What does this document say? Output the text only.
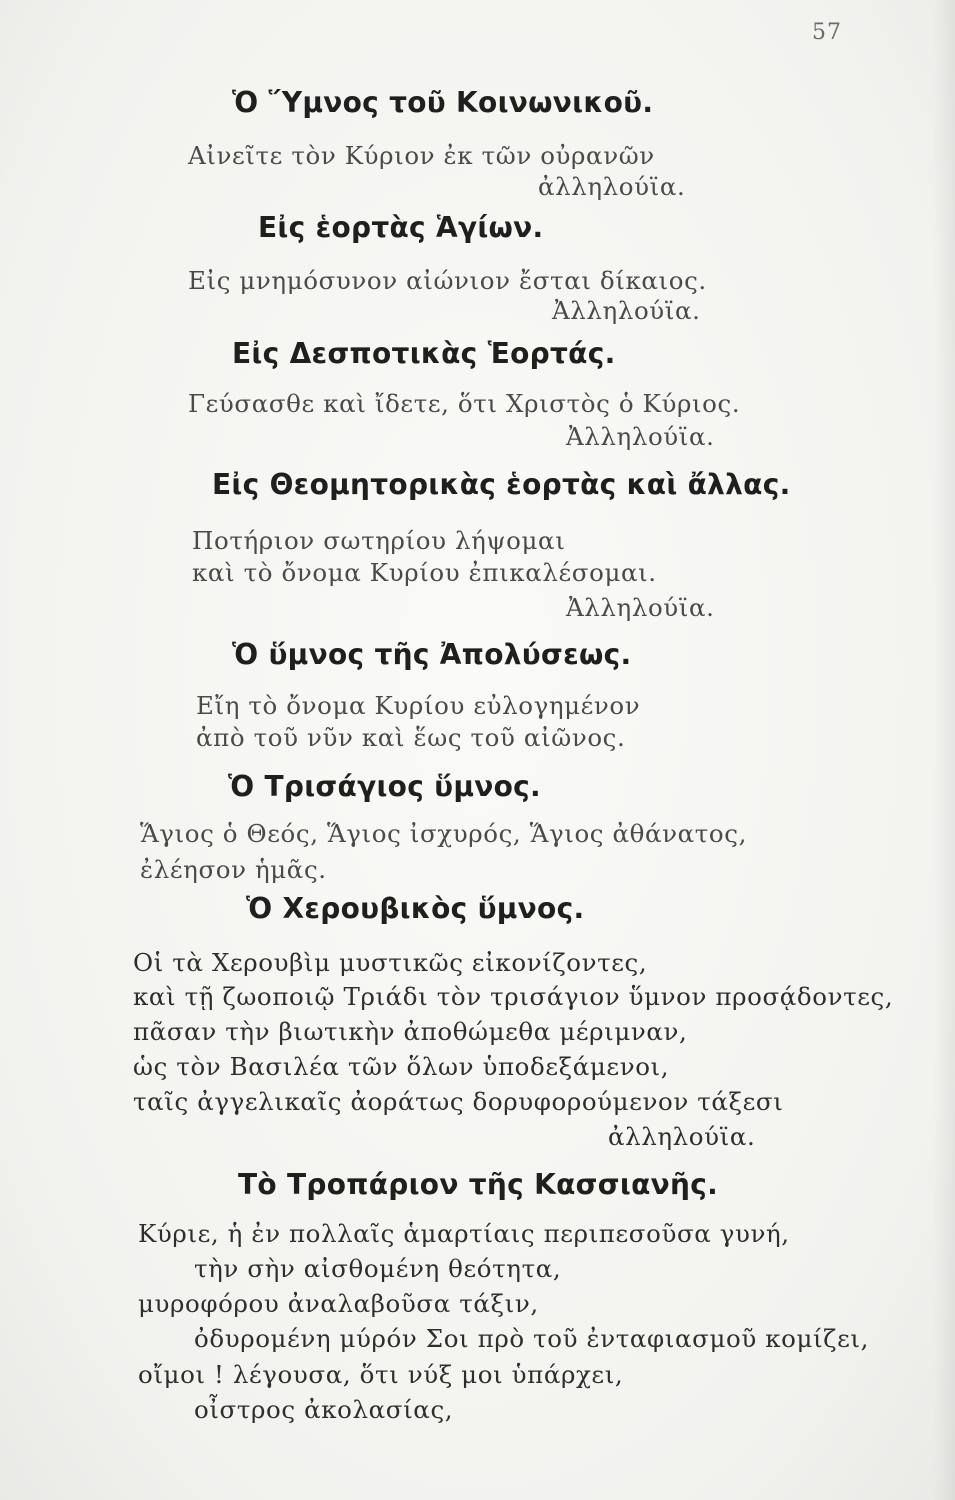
57
Ὁ Ὕμνος τοῦ Κοινωνικοῦ.
Αἰνεῖτε τὸν Κύριον ἐκ τῶν οὐρανῶν
ἀλληλούϊα.
Εἰς ἑορτὰς Ἁγίων.
Εἰς μνημόσυνον αἰώνιον ἔσται δίκαιος.
Ἀλληλούϊα.
Εἰς Δεσποτικὰς Ἑορτάς.
Γεύσασθε καὶ ἴδετε, ὅτι Χριστὸς ὁ Κύριος.
Ἀλληλούϊα.
Εἰς Θεομητορικὰς ἑορτὰς καὶ ἄλλας.
Ποτήριον σωτηρίου λήψομαι
καὶ τὸ ὄνομα Κυρίου ἐπικαλέσομαι.
Ἀλληλούϊα.
Ὁ ὕμνος τῆς Ἀπολύσεως.
Εἴη τὸ ὄνομα Κυρίου εὐλογημένον
ἀπὸ τοῦ νῦν καὶ ἕως τοῦ αἰῶνος.
Ὁ Τρισάγιος ὕμνος.
Ἅγιος ὁ Θεός, Ἅγιος ἰσχυρός, Ἅγιος ἀθάνατος,
ἐλέησον ἡμᾶς.
Ὁ Χερουβικὸς ὕμνος.
Οἱ τὰ Χερουβὶμ μυστικῶς εἰκονίζοντες,
καὶ τῇ ζωοποιῷ Τριάδι τὸν τρισάγιον ὕμνον προσᾴδοντες,
πᾶσαν τὴν βιωτικὴν ἀποθώμεθα μέριμναν,
ὡς τὸν Βασιλέα τῶν ὅλων ὑποδεξάμενοι,
ταῖς ἀγγελικαῖς ἀοράτως δορυφορούμενον τάξεσι
ἀλληλούϊα.
Τὸ Τροπάριον τῆς Κασσιανῆς.
Κύριε, ἡ ἐν πολλαῖς ἁμαρτίαις περιπεσοῦσα γυνή,
τὴν σὴν αἰσθομένη θεότητα,
μυροφόρου ἀναλαβοῦσα τάξιν,
ὀδυρομένη μύρόν Σοι πρὸ τοῦ ἐνταφιασμοῦ κομίζει,
οἴμοι ! λέγουσα, ὅτι νύξ μοι ὑπάρχει,
οἶστρος ἀκολασίας,
